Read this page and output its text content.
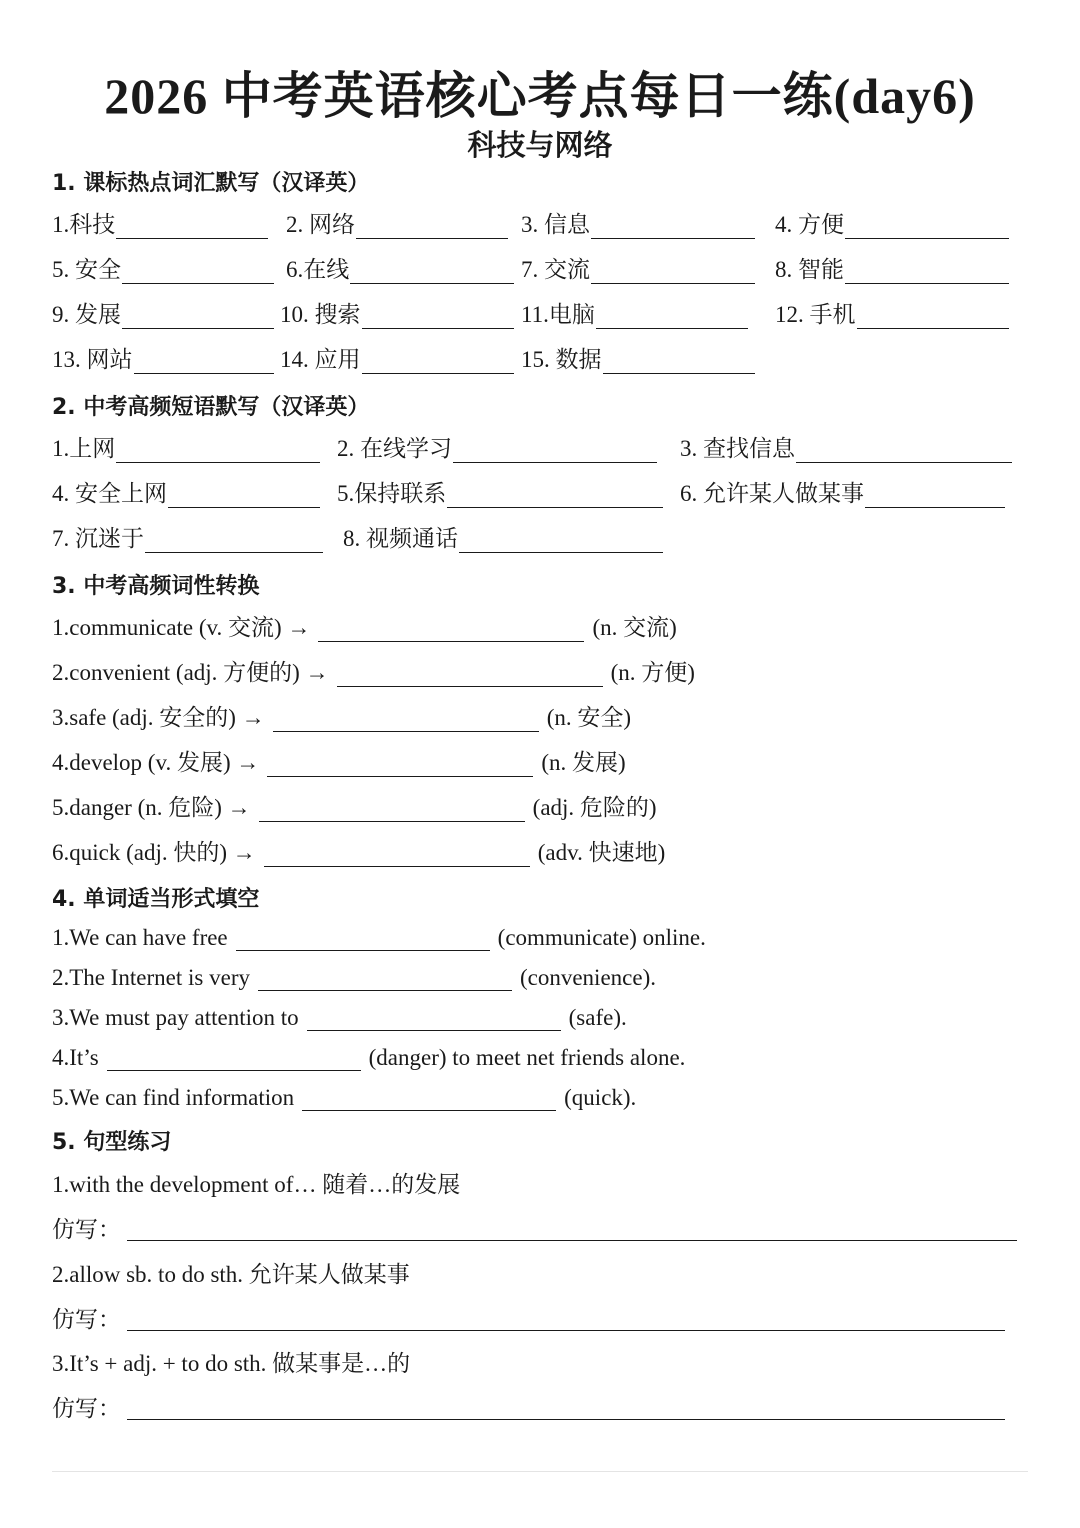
2026 中考英语核心考点每日一练(day6)
科技与网络
1. 课标热点词汇默写（汉译英）
1.科技	2. 网络	3. 信息	4. 方便
5. 安全	6.在线	7. 交流	8. 智能
9. 发展	10. 搜索	11.电脑	12. 手机
13. 网站	14. 应用	15. 数据
2. 中考高频短语默写（汉译英）
1.上网	2. 在线学习	3. 查找信息
4. 安全上网	5.保持联系	6. 允许某人做某事
7. 沉迷于	8. 视频通话
3. 中考高频词性转换
1.communicate (v. 交流) →	(n. 交流)
2.convenient (adj. 方便的) →	(n. 方便)
3.safe (adj. 安全的) →	(n. 安全)
4.develop (v. 发展) →	(n. 发展)
5.danger (n. 危险) →	(adj. 危险的)
6.quick (adj. 快的) →	(adv. 快速地)
4. 单词适当形式填空
1.We can have free	(communicate) online.
2.The Internet is very	(convenience).
3.We must pay attention to	(safe).
4.It’s	(danger) to meet net friends alone.
5.We can find information	(quick).
5. 句型练习
1.with the development of… 随着…的发展
仿写：
2.allow sb. to do sth. 允许某人做某事
仿写：
3.It’s + adj. + to do sth. 做某事是…的
仿写：
